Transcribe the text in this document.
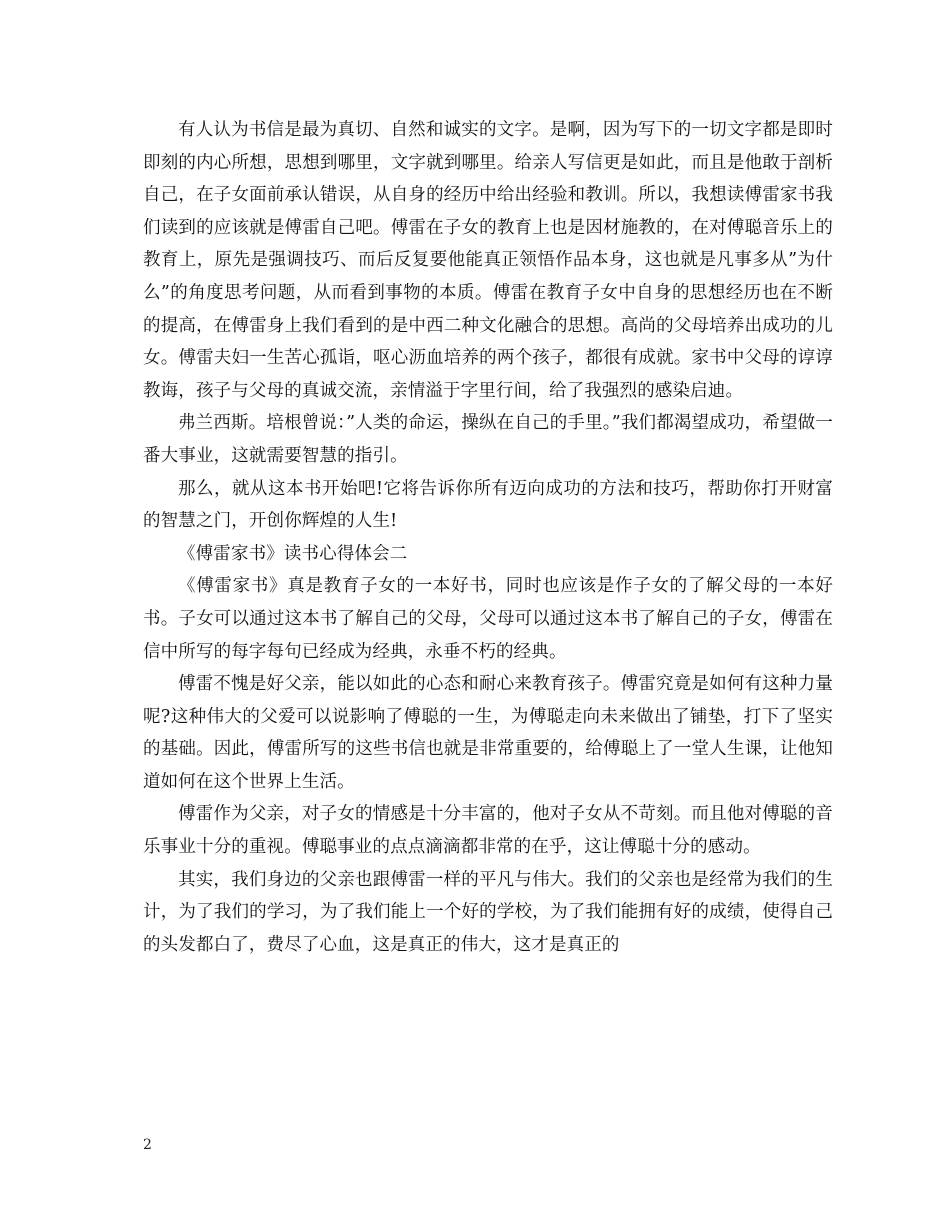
有人认为书信是最为真切、自然和诚实的文字。是啊，因为写下的一切文字都是即时即刻的内心所想，思想到哪里，文字就到哪里。给亲人写信更是如此，而且是他敢于剖析自己，在子女面前承认错误，从自身的经历中给出经验和教训。所以，我想读傅雷家书我们读到的应该就是傅雷自己吧。傅雷在子女的教育上也是因材施教的，在对傅聪音乐上的教育上，原先是强调技巧、而后反复要他能真正领悟作品本身，这也就是凡事多从”为什么”的角度思考问题，从而看到事物的本质。傅雷在教育子女中自身的思想经历也在不断的提高，在傅雷身上我们看到的是中西二种文化融合的思想。高尚的父母培养出成功的儿女。傅雷夫妇一生苦心孤诣，呕心沥血培养的两个孩子，都很有成就。家书中父母的谆谆教诲，孩子与父母的真诚交流，亲情溢于字里行间，给了我强烈的感染启迪。

弗兰西斯。培根曾说：”人类的命运，操纵在自己的手里。”我们都渴望成功，希望做一番大事业，这就需要智慧的指引。

那么，就从这本书开始吧!它将告诉你所有迈向成功的方法和技巧，帮助你打开财富的智慧之门，开创你辉煌的人生!

《傅雷家书》读书心得体会二

《傅雷家书》真是教育子女的一本好书，同时也应该是作子女的了解父母的一本好书。子女可以通过这本书了解自己的父母，父母可以通过这本书了解自己的子女，傅雷在信中所写的每字每句已经成为经典，永垂不朽的经典。

傅雷不愧是好父亲，能以如此的心态和耐心来教育孩子。傅雷究竟是如何有这种力量呢?这种伟大的父爱可以说影响了傅聪的一生，为傅聪走向未来做出了铺垫，打下了坚实的基础。因此，傅雷所写的这些书信也就是非常重要的，给傅聪上了一堂人生课，让他知道如何在这个世界上生活。

傅雷作为父亲，对子女的情感是十分丰富的，他对子女从不苛刻。而且他对傅聪的音乐事业十分的重视。傅聪事业的点点滴滴都非常的在乎，这让傅聪十分的感动。

其实，我们身边的父亲也跟傅雷一样的平凡与伟大。我们的父亲也是经常为我们的生计，为了我们的学习，为了我们能上一个好的学校，为了我们能拥有好的成绩，使得自己的头发都白了，费尽了心血，这是真正的伟大，这才是真正的

2
